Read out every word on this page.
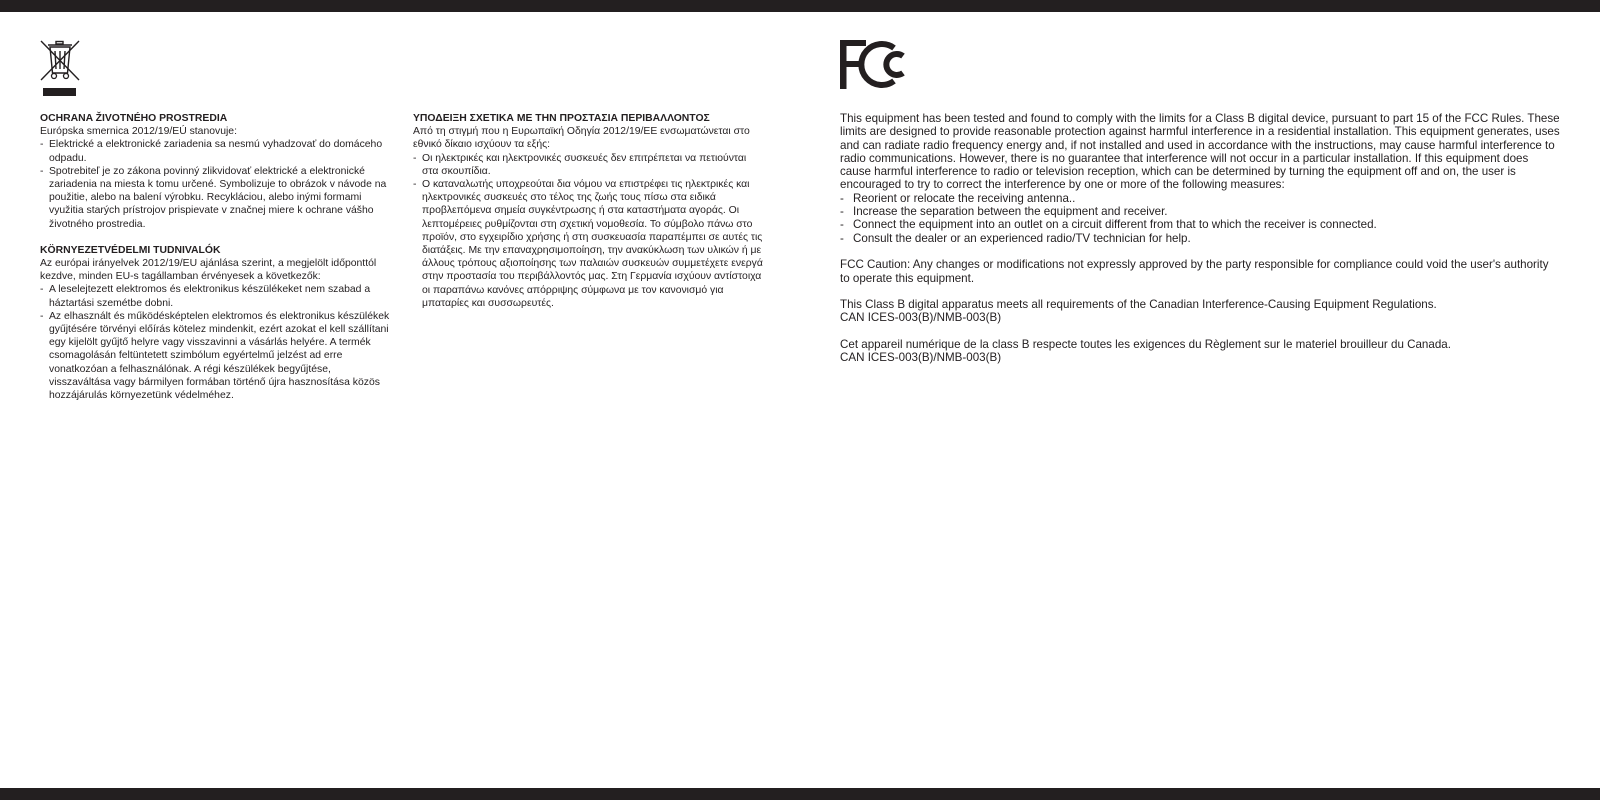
OCHRANA ŽIVOTNÉHO PROSTREDIA

Európska smernica 2012/19/EÚ stanovuje:

- Elektrické a elektronické zariadenia sa nesmú vyhadzovať do domáceho odpadu.
- Spotrebiteľ je zo zákona povinný zlikvidovať elektrické a elektronické zariadenia na miesta k tomu určené. Symbolizuje to obrázok v návode na použitie, alebo na balení výrobku. Recykláciou, alebo inými formami využitia starých prístrojov prispievate v značnej miere k ochrane vášho životného prostredia.

KÖRNYEZETVÉDELMI TUDNIVALÓK

Az európai irányelvek 2012/19/EU ajánlása szerint, a megjelölt időponttól kezdve, minden EU-s tagállamban érvényesek a következők:

- A leselejtezett elektromos és elektronikus készülékeket nem szabad a háztartási szemétbe dobni.
- Az elhasznált és működésképtelen elektromos és elektronikus készülékek gyűjtésére törvényi előírás kötelez mindenkit, ezért azokat el kell szállítani egy kijelölt gyűjtő helyre vagy visszavinni a vásárlás helyére. A termék csomagolásán feltüntetett szimbólum egyértelmű jelzést ad erre vonatkozóan a felhasználónak. A régi készülékek begyűjtése, visszaváltása vagy bármilyen formában történő újra hasznosítása közös hozzájárulás környezetünk védelméhez.

ΥΠΟΔΕΙΞΗ ΣΧΕΤΙΚΑ ΜΕ ΤΗΝ ΠΡΟΣΤΑΣΙΑ ΠΕΡΙΒΑΛΛΟΝΤΟΣ

Από τη στιγμή που η Ευρωπαϊκή Οδηγία 2012/19/ΕΕ ενσωματώνεται στο εθνικό δίκαιο ισχύουν τα εξής:

- Οι ηλεκτρικές και ηλεκτρονικές συσκευές δεν επιτρέπεται να πετιούνται στα σκουπίδια.
- Ο καταναλωτής υποχρεούται δια νόμου να επιστρέφει τις ηλεκτρικές και ηλεκτρονικές συσκευές στο τέλος της ζωής τους πίσω στα ειδικά προβλεπόμενα σημεία συγκέντρωσης ή στα καταστήματα αγοράς. Οι λεπτομέρειες ρυθμίζονται στη σχετική νομοθεσία. Το σύμβολο πάνω στο προϊόν, στο εγχειρίδιο χρήσης ή στη συσκευασία παραπέμπει σε αυτές τις διατάξεις. Με την επαναχρησιμοποίηση, την ανακύκλωση των υλικών ή με άλλους τρόπους αξιοποίησης των παλαιών συσκευών συμμετέχετε ενεργά στην προστασία του περιβάλλοντός μας. Στη Γερμανία ισχύουν αντίστοιχα οι παραπάνω κανόνες απόρριψης σύμφωνα με τον κανονισμό για μπαταρίες και συσσωρευτές.

This equipment has been tested and found to comply with the limits for a Class B digital device, pursuant to part 15 of the FCC Rules. These limits are designed to provide reasonable protection against harmful interference in a residential installation. This equipment generates, uses and can radiate radio frequency energy and, if not installed and used in accordance with the instructions, may cause harmful interference to radio communications. However, there is no guarantee that interference will not occur in a particular installation. If this equipment does cause harmful interference to radio or television reception, which can be determined by turning the equipment off and on, the user is encouraged to try to correct the interference by one or more of the following measures:

- Reorient or relocate the receiving antenna..
- Increase the separation between the equipment and receiver.
- Connect the equipment into an outlet on a circuit different from that to which the receiver is connected.
- Consult the dealer or an experienced radio/TV technician for help.

FCC Caution: Any changes or modifications not expressly approved by the party responsible for compliance could void the user's authority to operate this equipment.

This Class B digital apparatus meets all requirements of the Canadian Interference-Causing Equipment Regulations.

CAN ICES-003(B)/NMB-003(B)

Cet appareil numérique de la class B respecte toutes les exigences du Règlement sur le materiel brouilleur du Canada.

CAN ICES-003(B)/NMB-003(B)
